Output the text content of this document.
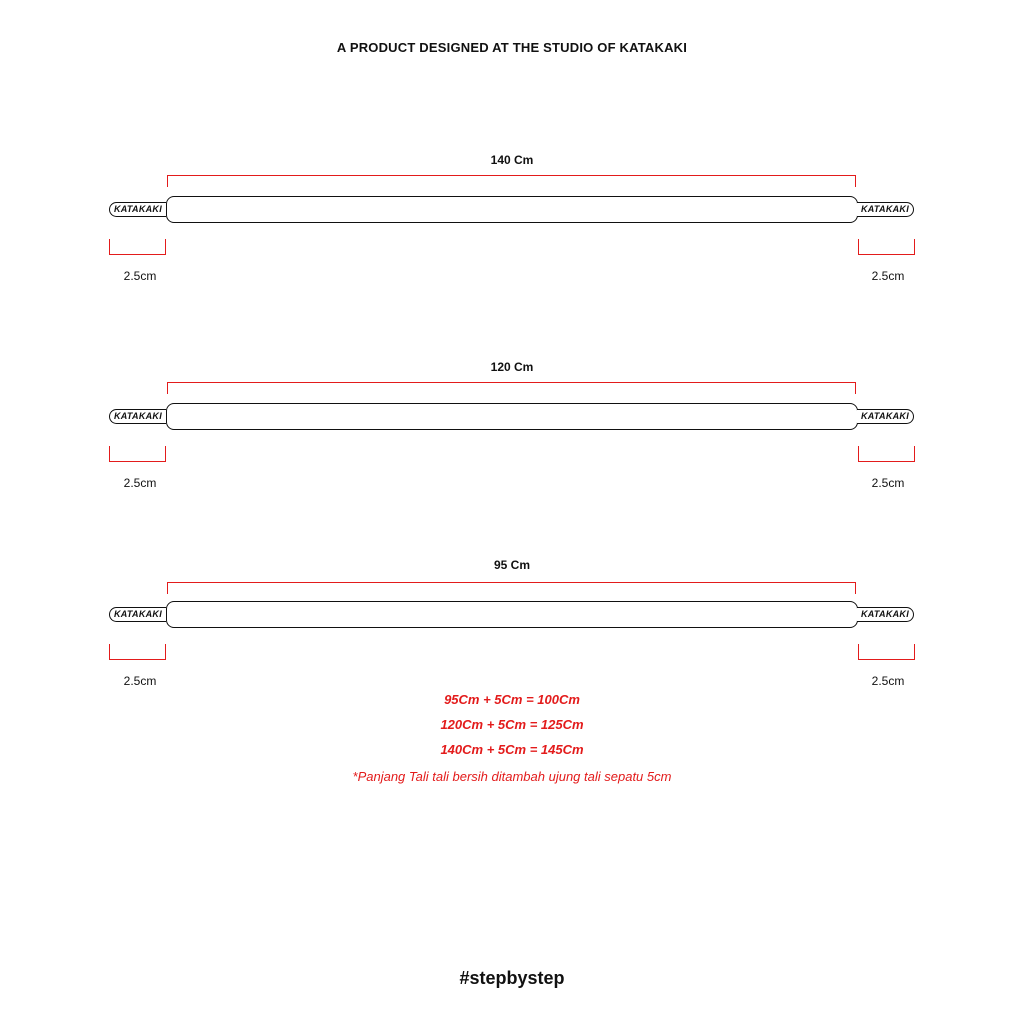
A PRODUCT DESIGNED AT THE STUDIO OF KATAKAKI
140 Cm
KATAKAKI	KATAKAKI
2.5cm	2.5cm
120 Cm
KATAKAKI	KATAKAKI
2.5cm	2.5cm
95 Cm
KATAKAKI	KATAKAKI
2.5cm	2.5cm
95Cm + 5Cm = 100Cm
120Cm + 5Cm = 125Cm
140Cm + 5Cm = 145Cm
*Panjang Tali tali bersih ditambah ujung tali sepatu 5cm
#stepbystep
